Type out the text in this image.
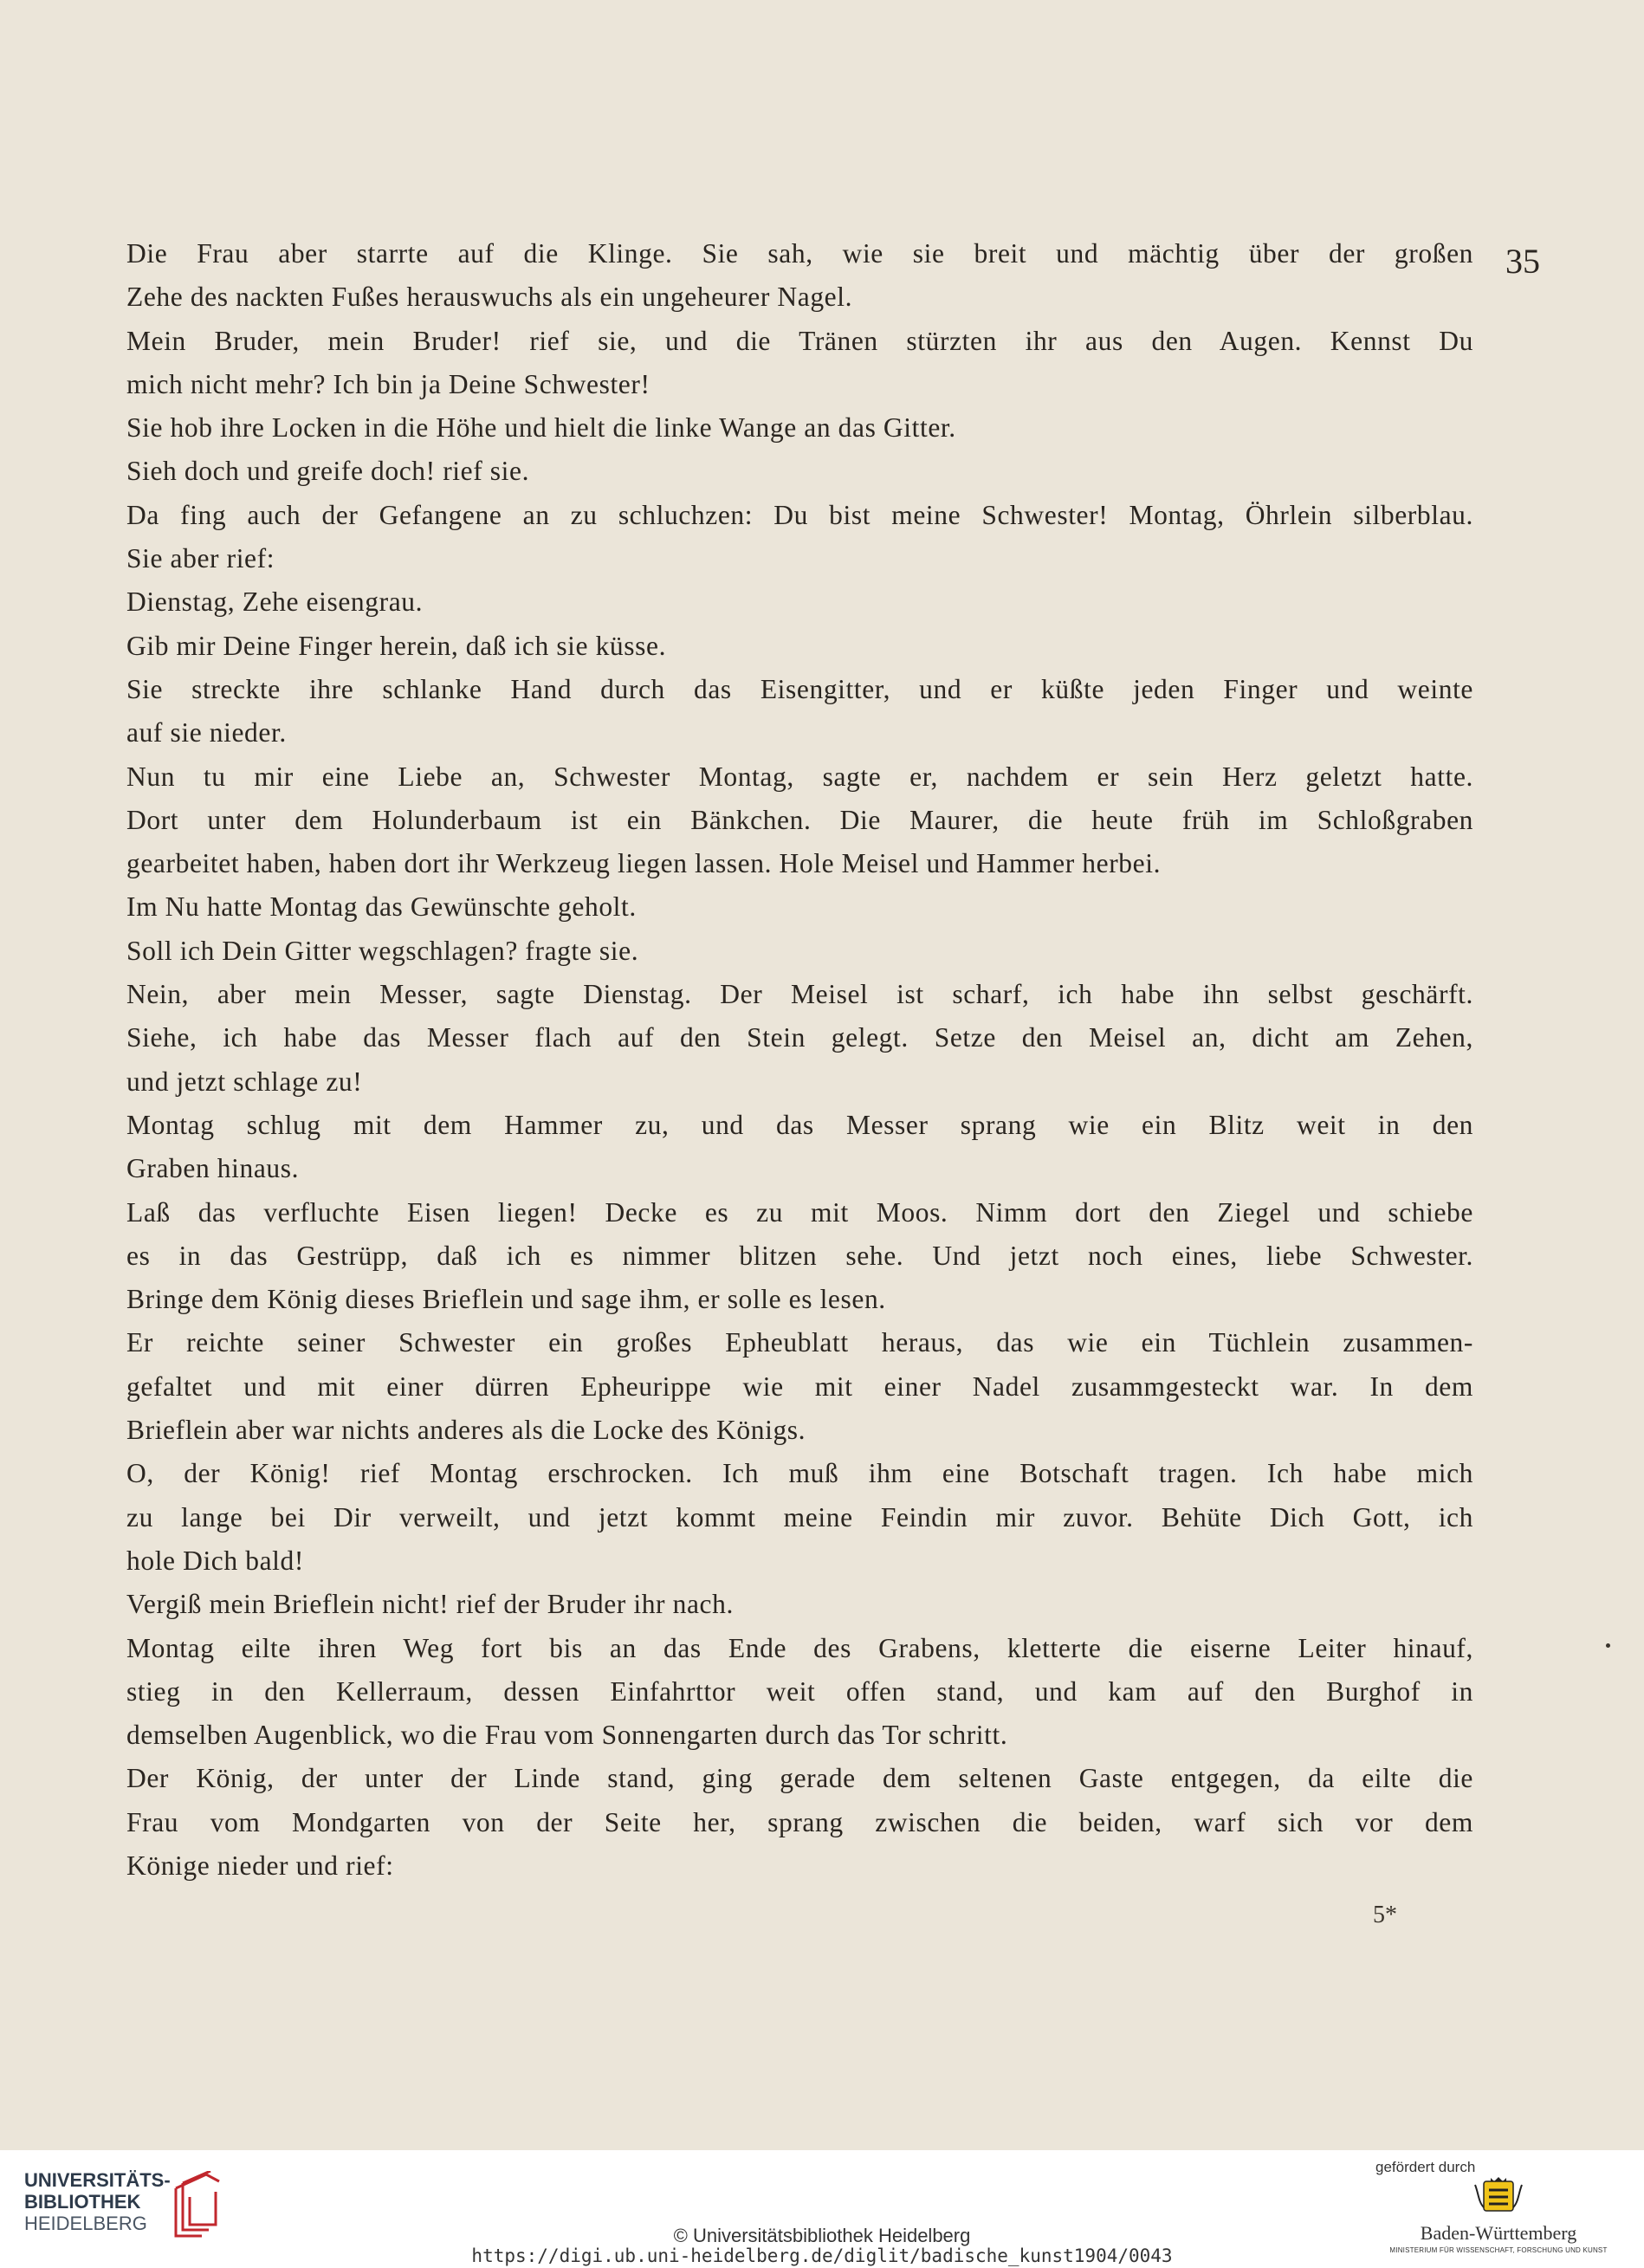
35
Die Frau aber starrte auf die Klinge. Sie sah, wie sie breit und mächtig über der großen
Zehe des nackten Fußes herauswuchs als ein ungeheurer Nagel.
Mein Bruder, mein Bruder! rief sie, und die Tränen stürzten ihr aus den Augen. Kennst Du
mich nicht mehr? Ich bin ja Deine Schwester!
Sie hob ihre Locken in die Höhe und hielt die linke Wange an das Gitter.
Sieh doch und greife doch! rief sie.
Da fing auch der Gefangene an zu schluchzen: Du bist meine Schwester! Montag, Öhrlein silberblau.
Sie aber rief:
Dienstag, Zehe eisengrau.
Gib mir Deine Finger herein, daß ich sie küsse.
Sie streckte ihre schlanke Hand durch das Eisengitter, und er küßte jeden Finger und weinte
auf sie nieder.
Nun tu mir eine Liebe an, Schwester Montag, sagte er, nachdem er sein Herz geletzt hatte.
Dort unter dem Holunderbaum ist ein Bänkchen. Die Maurer, die heute früh im Schloßgraben
gearbeitet haben, haben dort ihr Werkzeug liegen lassen. Hole Meisel und Hammer herbei.
Im Nu hatte Montag das Gewünschte geholt.
Soll ich Dein Gitter wegschlagen? fragte sie.
Nein, aber mein Messer, sagte Dienstag. Der Meisel ist scharf, ich habe ihn selbst geschärft.
Siehe, ich habe das Messer flach auf den Stein gelegt. Setze den Meisel an, dicht am Zehen,
und jetzt schlage zu!
Montag schlug mit dem Hammer zu, und das Messer sprang wie ein Blitz weit in den
Graben hinaus.
Laß das verfluchte Eisen liegen! Decke es zu mit Moos. Nimm dort den Ziegel und schiebe
es in das Gestrüpp, daß ich es nimmer blitzen sehe. Und jetzt noch eines, liebe Schwester.
Bringe dem König dieses Brieflein und sage ihm, er solle es lesen.
Er reichte seiner Schwester ein großes Epheublatt heraus, das wie ein Tüchlein zusammen-
gefaltet und mit einer dürren Epheurippe wie mit einer Nadel zusammgesteckt war. In dem
Brieflein aber war nichts anderes als die Locke des Königs.
O, der König! rief Montag erschrocken. Ich muß ihm eine Botschaft tragen. Ich habe mich
zu lange bei Dir verweilt, und jetzt kommt meine Feindin mir zuvor. Behüte Dich Gott, ich
hole Dich bald!
Vergiß mein Brieflein nicht! rief der Bruder ihr nach.
Montag eilte ihren Weg fort bis an das Ende des Grabens, kletterte die eiserne Leiter hinauf,
stieg in den Kellerraum, dessen Einfahrttor weit offen stand, und kam auf den Burghof in
demselben Augenblick, wo die Frau vom Sonnengarten durch das Tor schritt.
Der König, der unter der Linde stand, ging gerade dem seltenen Gaste entgegen, da eilte die
Frau vom Mondgarten von der Seite her, sprang zwischen die beiden, warf sich vor dem
Könige nieder und rief:
5*
UNIVERSITÄTS-
BIBLIOTHEK
HEIDELBERG
© Universitätsbibliothek Heidelberg
https://digi.ub.uni-heidelberg.de/diglit/badische_kunst1904/0043
gefördert durch
Baden-Württemberg
MINISTERIUM FÜR WISSENSCHAFT, FORSCHUNG UND KUNST
